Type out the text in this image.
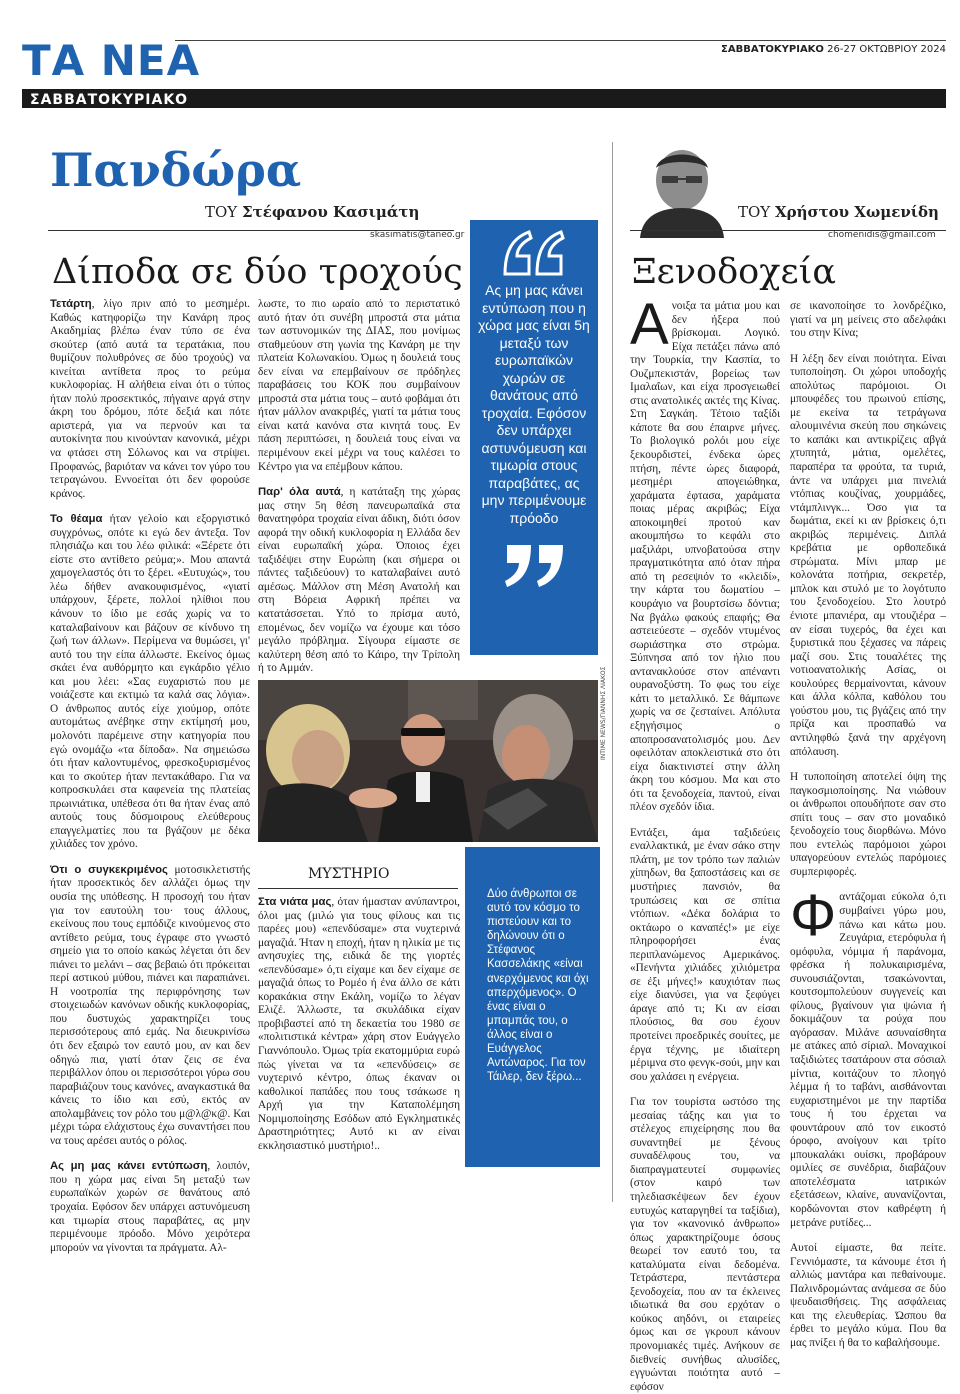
ΤΑ ΝΕΑ	ΣΑΒΒΑΤΟΚΥΡΙΑΚΟ 26-27 ΟΚΤΩΒΡΙΟΥ 2024
ΣΑΒΒΑΤΟΚΥΡΙΑΚΟ
Πανδώρα
ΤΟΥ Στέφανου Κασιμάτη
skasimatis@taneo.gr
Δίποδα σε δύο τροχούς

Τετάρτη, λίγο πριν από το μεσημέρι. Καθώς κατηφορίζω την Κανάρη προς Ακαδημίας βλέπω έναν τύπο σε ένα σκούτερ (από αυτά τα τερατάκια, που θυμίζουν πολυθρόνες σε δύο τροχούς) να κινείται αντίθετα προς το ρεύμα κυκλοφορίας. Η αλήθεια είναι ότι ο τύπος ήταν πολύ προσεκτικός, πήγαινε αργά στην άκρη του δρόμου, πότε δεξιά και πότε αριστερά, για να περνούν και τα αυτοκίνητα που κινούνταν κανονικά, μέχρι να φτάσει στη Σόλωνος και να στρίψει. Προφανώς, βαριόταν να κάνει τον γύρο του τετραγώνου. Εννοείται ότι δεν φορούσε κράνος.

Το θέαμα ήταν γελοίο και εξοργιστικό συγχρόνως, οπότε κι εγώ δεν άντεξα. Τον πλησιάζω και του λέω φιλικά: «Ξέρετε ότι είστε στο αντίθετο ρεύμα;». Μου απαντά χαμογελαστός ότι το ξέρει. «Ευτυχώς», του λέω δήθεν ανακουφισμένος, «γιατί υπάρχουν, ξέρετε, πολλοί ηλίθιοι που κάνουν το ίδιο με εσάς χωρίς να το καταλαβαίνουν και βάζουν σε κίνδυνο τη ζωή των άλλων». Περίμενα να θυμώσει, γι' αυτό του την είπα άλλωστε. Εκείνος όμως σκάει ένα αυθόρμητο και εγκάρδιο γέλιο και μου λέει: «Σας ευχαριστώ που με νοιάζεστε και εκτιμώ τα καλά σας λόγια». Ο άνθρωπος αυτός είχε χιούμορ, οπότε αυτομάτως ανέβηκε στην εκτίμησή μου, μολονότι παρέμεινε στην κατηγορία που εγώ ονομάζω «τα δίποδα». Να σημειώσω ότι ήταν καλοντυμένος, φρεσκοξυρισμένος και το σκούτερ ήταν πεντακάθαρο. Για να κοπροσκυλάει στα καφενεία της πλατείας πρωινιάτικα, υπέθεσα ότι θα ήταν ένας από αυτούς τους δύσμοιρους ελεύθερους επαγγελματίες που τα βγάζουν με δέκα χιλιάδες τον χρόνο.

Ότι ο συγκεκριμένος μοτοσικλετιστής ήταν προσεκτικός δεν αλλάζει όμως την ουσία της υπόθεσης. Η προσοχή του ήταν για τον εαυτούλη του· τους άλλους, εκείνους που τους εμπόδιζε κινούμενος στο αντίθετο ρεύμα, τους έγραφε στο γνωστό σημείο για το οποίο κακώς λέγεται ότι δεν πιάνει το μελάνι – σας βεβαιώ ότι πρόκειται περί αστικού μύθου, πιάνει και παραπιάνει. Η νοοτροπία της περιφρόνησης των στοιχειωδών κανόνων οδικής κυκλοφορίας, που δυστυχώς χαρακτηρίζει τους περισσότερους από εμάς. Να διευκρινίσω ότι δεν εξαιρώ τον εαυτό μου, αν και δεν οδηγώ πια, γιατί όταν ζεις σε ένα περιβάλλον όπου οι περισσότεροι γύρω σου παραβιάζουν τους κανόνες, αναγκαστικά θα κάνεις το ίδιο και εσύ, εκτός αν απολαμβάνεις τον ρόλο του μ@λ@κ@. Και μέχρι τώρα ελάχιστους έχω συναντήσει που να τους αρέσει αυτός ο ρόλος.

Ας μη μας κάνει εντύπωση, λοιπόν, που η χώρα μας είναι 5η μεταξύ των ευρωπαϊκών χωρών σε θανάτους από τροχαία. Εφόσον δεν υπάρχει αστυνόμευση και τιμωρία στους παραβάτες, ας μην περιμένουμε πρόοδο. Μόνο χειρότερα μπορούν να γίνονται τα πράγματα. Αλ-

λωστε, το πιο ωραίο από το περιστατικό αυτό ήταν ότι συνέβη μπροστά στα μάτια των αστυνομικών της ΔΙΑΣ, που μονίμως σταθμεύουν στη γωνία της Κανάρη με την πλατεία Κολωνακίου. Όμως η δουλειά τους δεν είναι να επεμβαίνουν σε πρόδηλες παραβάσεις του ΚΟΚ που συμβαίνουν μπροστά στα μάτια τους – αυτό φοβάμαι ότι ήταν μάλλον ανακριβές, γιατί τα μάτια τους είναι κατά κανόνα στα κινητά τους. Εν πάση περιπτώσει, η δουλειά τους είναι να περιμένουν εκεί μέχρι να τους καλέσει το Κέντρο για να επέμβουν κάπου.

Παρ' όλα αυτά, η κατάταξη της χώρας μας στην 5η θέση πανευρωπαϊκά στα θανατηφόρα τροχαία είναι άδικη, διότι όσον αφορά την οδική κυκλοφορία η Ελλάδα δεν είναι ευρωπαϊκή χώρα. Όποιος έχει ταξιδέψει στην Ευρώπη (και σήμερα οι πάντες ταξιδεύουν) το καταλαβαίνει αυτό αμέσως. Μάλλον στη Μέση Ανατολή και στη Βόρεια Αφρική πρέπει να κατατάσσεται. Υπό το πρίσμα αυτό, επομένως, δεν νομίζω να έχουμε και τόσο μεγάλο πρόβλημα. Σίγουρα είμαστε σε καλύτερη θέση από το Κάιρο, την Τρίπολη ή το Αμμάν.

Ας μη μας κάνει εντύπωση που η χώρα μας είναι 5η μεταξύ των ευρωπαϊκών χωρών σε θανάτους από τροχαία. Εφόσον δεν υπάρχει αστυνόμευση και τιμωρία στους παραβάτες, ας μην περιμένουμε πρόοδο
INTIME NEWS/ΓΙΑΝΝΗΣ ΛΙΑΚΟΣ
ΜΥΣΤΗΡΙΟ

Στα νιάτα μας, όταν ήμασταν ανύπαντροι, όλοι μας (μιλώ για τους φίλους και τις παρέες μου) «επενδύσαμε» στα νυχτερινά μαγαζιά. Ήταν η εποχή, ήταν η ηλικία με τις ανησυχίες της, ειδικά δε της γιορτές «επενδύσαμε» ό,τι είχαμε και δεν είχαμε σε μαγαζιά όπως το Ρομέο ή ένα άλλο σε κάτι κορακάκια στην Εκάλη, νομίζω το λέγαν Ελιζέ. Άλλωστε, τα σκυλάδικα είχαν προβιβαστεί από τη δεκαετία του 1980 σε «πολιτιστικά κέντρα» χάρη στον Ευάγγελο Γιαννόπουλο. Όμως τρία εκατομμύρια ευρώ πώς γίνεται να τα «επενδύσεις» σε νυχτερινό κέντρο, όπως έκαναν οι καθολικοί παπάδες που τους τσάκωσε η Αρχή για την Καταπολέμηση Νομιμοποίησης Εσόδων από Εγκληματικές Δραστηριότητες; Αυτό κι αν είναι εκκλησιαστικό μυστήριο!..

Δύο άνθρωποι σε αυτό τον κόσμο το πιστεύουν και το δηλώνουν ότι ο Στέφανος Κασσελάκης «είναι ανερχόμενος και όχι απερχόμενος». Ο ένας είναι ο μπαμπάς του, ο άλλος είναι ο Ευάγγελος Αντώναρος. Για τον Τάιλερ, δεν ξέρω...
ΤΟΥ Χρήστου Χωμενίδη
chomenidis@gmail.com
Ξενοδοχεία

Ανοιξα τα μάτια μου και δεν ήξερα πού βρίσκομαι. Λογικό. Είχα πετάξει πάνω από την Τουρκία, την Κασπία, το Ουζμπεκιστάν, βορείως των Ιμαλαΐων, και είχα προσγειωθεί στις ανατολικές ακτές της Κίνας. Στη Σαγκάη. Τέτοιο ταξίδι κάποτε θα σου έπαιρνε μήνες. Το βιολογικό ρολόι μου είχε ξεκουρδιστεί, ένδεκα ώρες πτήση, πέντε ώρες διαφορά, μεσημέρι απογειώθηκα, χαράματα έφτασα, χαράματα ποιας μέρας ακριβώς; Είχα αποκοιμηθεί προτού καν ακουμπήσω το κεφάλι στο μαξιλάρι, υπνοβατούσα στην πραγματικότητα από όταν πήρα από τη ρεσεψιόν το «κλειδί», την κάρτα του δωματίου – κουράγιο να βουρτσίσω δόντια; Να βγάλω φακούς επαφής; Θα αστειεύεστε – σχεδόν ντυμένος σωριάστηκα στο στρώμα. Ξύπνησα από τον ήλιο που αντανακλούσε στον απέναντι ουρανοξύστη. Το φως του είχε κάτι το μεταλλικό. Σε θάμπωνε χωρίς να σε ζεσταίνει. Απόλυτα εξηγήσιμος ο αποπροσανατολισμός μου. Δεν οφειλόταν αποκλειστικά στο ότι είχα διακτινιστεί στην άλλη άκρη του κόσμου. Μα και στο ότι τα ξενοδοχεία, παντού, είναι πλέον σχεδόν ίδια.

Εντάξει, άμα ταξιδεύεις εναλλακτικά, με έναν σάκο στην πλάτη, με τον τρόπο των παλιών χίπηδων, θα ξαποστάσεις και σε μυστήριες πανσιόν, θα τρυπώσεις και σε σπίτια ντόπιων. «Δέκα δολάρια το οκτάωρο ο καναπές!» με είχε πληροφορήσει ένας περιπλανώμενος Αμερικάνος. «Πενήντα χιλιάδες χιλιόμετρα σε έξι μήνες!» καυχιόταν πως είχε διανύσει, για να ξεφύγει άραγε από τι; Κι αν είσαι πλούσιος, θα σου έχουν προτείνει προεδρικές σουίτες, με έργα τέχνης, με ιδιαίτερη μέριμνα στο φενγκ-σούι, μην και σου χαλάσει η ενέργεια.

Για τον τουρίστα ωστόσο της μεσαίας τάξης και για το στέλεχος επιχείρησης που θα συναντηθεί με ξένους συναδέλφους του, να διαπραγματευτεί συμφωνίες (στον καιρό των τηλεδιασκέψεων δεν έχουν ευτυχώς καταργηθεί τα ταξίδια), για τον «κανονικό άνθρωπο» όπως χαρακτηρίζουμε όσους θεωρεί τον εαυτό του, τα καταλύματα είναι δεδομένα. Τετράστερα, πεντάστερα ξενοδοχεία, που αν τα έκλεινες ιδιωτικά θα σου ερχόταν ο κούκος αηδόνι, οι εταιρείες όμως και σε γκρουπ κάνουν προνομιακές τιμές. Ανήκουν σε διεθνείς συνήθως αλυσίδες, εγγυώνται ποιότητα αυτό – εφόσον

σε ικανοποίησε το λονδρέζικο, γιατί να μη μείνεις στο αδελφάκι του στην Κίνα;

Η λέξη δεν είναι ποιότητα. Είναι τυποποίηση. Οι χώροι υποδοχής απολύτως παρόμοιοι. Οι μπουφέδες του πρωινού επίσης, με εκείνα τα τετράγωνα αλουμινένια σκεύη που σηκώνεις το καπάκι και αντικρίζεις αβγά χτυπητά, μάτια, ομελέτες, παραπέρα τα φρούτα, τα τυριά, άντε να υπάρχει μια πινελιά ντόπιας κουζίνας, χουρμάδες, ντάμπλινγκ... Όσο για τα δωμάτια, εκεί κι αν βρίσκεις ό,τι ακριβώς περιμένεις. Διπλά κρεβάτια με ορθοπεδικά στρώματα. Μίνι μπαρ με κολονάτα ποτήρια, σεκρετέρ, μπλοκ και στυλό με το λογότυπο του ξενοδοχείου. Στο λουτρό ένιοτε μπανιέρα, αμ ντουζιέρα – αν είσαι τυχερός, θα έχει και ξυριστικά που ξέχασες να πάρεις μαζί σου. Στις τουαλέτες της νοτιοανατολικής Ασίας, οι κουλούρες θερμαίνονται, κάνουν και άλλα κόλπα, καθόλου του γούστου μου, τις βγάζεις από την πρίζα και προσπαθώ να αντιληφθώ ξανά την αρχέγονη απόλαυση.

Η τυποποίηση αποτελεί όψη της παγκοσμιοποίησης. Να νιώθουν οι άνθρωποι οπουδήποτε σαν στο σπίτι τους – σαν στο μοναδικό ξενοδοχείο τους διορθώνω. Μόνο που εντελώς παρόμοιοι χώροι υπαγορεύουν εντελώς παρόμοιες συμπεριφορές.

Φαντάζομαι εύκολα ό,τι συμβαίνει γύρω μου, πάνω και κάτω μου. Ζευγάρια, ετερόφυλα ή ομόφυλα, νόμιμα ή παράνομα, φρέσκα ή πολυκαιρισμένα, συνουσιάζονται, τσακώνονται, κουτσομπολεύουν συγγενείς και φίλους, βγαίνουν για ψώνια ή δοκιμάζουν τα ρούχα που αγόρασαν. Μιλάνε ασυναίσθητα με ατάκες από σίριαλ. Μοναχικοί ταξιδιώτες τσατάρουν στα σόσιαλ μίντια, κοιτάζουν το πλοηγό λέμμα ή το ταβάνι, αισθάνονται ευχαριστημένοι με την παρτίδα τους ή του έρχεται να φουντάρουν από τον εικοστό όροφο, ανοίγουν και τρίτο μπουκαλάκι ουίσκι, προβάρουν ομιλίες σε συνέδρια, διαβάζουν αποτελέσματα ιατρικών εξετάσεων, κλαίνε, αυνανίζονται, κορδώνονται στον καθρέφτη ή μετράνε ρυτίδες...

Αυτοί είμαστε, θα πείτε. Γεννιόμαστε, τα κάνουμε έτσι ή αλλιώς μαντάρα και πεθαίνουμε. Παλινδρομώντας ανάμεσα σε δύο ψευδαισθήσεις. Της ασφάλειας και της ελευθερίας. Ώσπου θα έρθει το μεγάλο κύμα. Που θα μας πνίξει ή θα το καβαλήσουμε.
